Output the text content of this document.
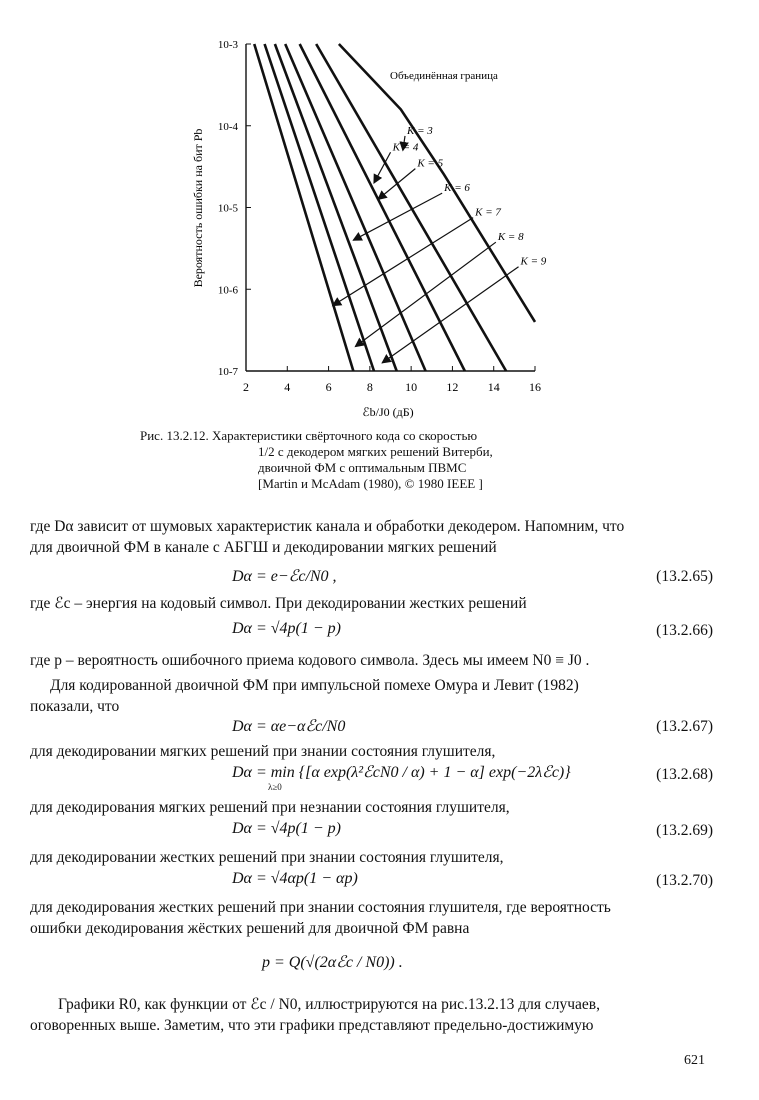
2	4	6	8	10 12 14 16
10-3
10-4
10-5
10-6
10-7
ℰb/J0 (дБ)
Вероятность ошибки на бит Pb
Объединённая граница
K = 3
K = 4
K = 5
K = 6
K = 7
K = 8
K = 9
Рис. 13.2.12. Характеристики свёрточного кода со скоростью
1/2 с декодером мягких решений Витерби,
двоичной ФМ с оптимальным ПВМС
[Martin и McAdam (1980), © 1980 IEEE ]
где Dα зависит от шумовых характеристик канала и обработки декодером. Напомним, что
для двоичной ФМ в канале с АБГШ и декодировании мягких решений
Dα = e−ℰc/N0 ,	(13.2.65)
где ℰc – энергия на кодовый символ. При декодировании жестких решений
Dα = √4p(1 − p)	(13.2.66)
где p – вероятность ошибочного приема кодового символа. Здесь мы имеем N0 ≡ J0 .
Для кодированной двоичной ФМ при импульсной помехе Омура и Левит (1982)
показали, что
Dα = αe−αℰc/N0	(13.2.67)
для декодировании мягких решений при знании состояния глушителя,
Dα = min {[α exp(λ²ℰcN0 / α) + 1 − α] exp(−2λℰc)}
λ≥0
(13.2.68)
для декодирования мягких решений при незнании состояния глушителя,
Dα = √4p(1 − p)	(13.2.69)
для декодировании жестких решений при знании состояния глушителя,
Dα = √4αp(1 − αp)	(13.2.70)
для декодирования жестких решений при знании состояния глушителя, где вероятность
ошибки декодирования жёстких решений для двоичной ФМ равна
p = Q(√(2αℰc / N0)) .
Графики R0, как функции от ℰc / N0, иллюстрируются на рис.13.2.13 для случаев,
оговоренных выше. Заметим, что эти графики представляют предельно-достижимую
621
